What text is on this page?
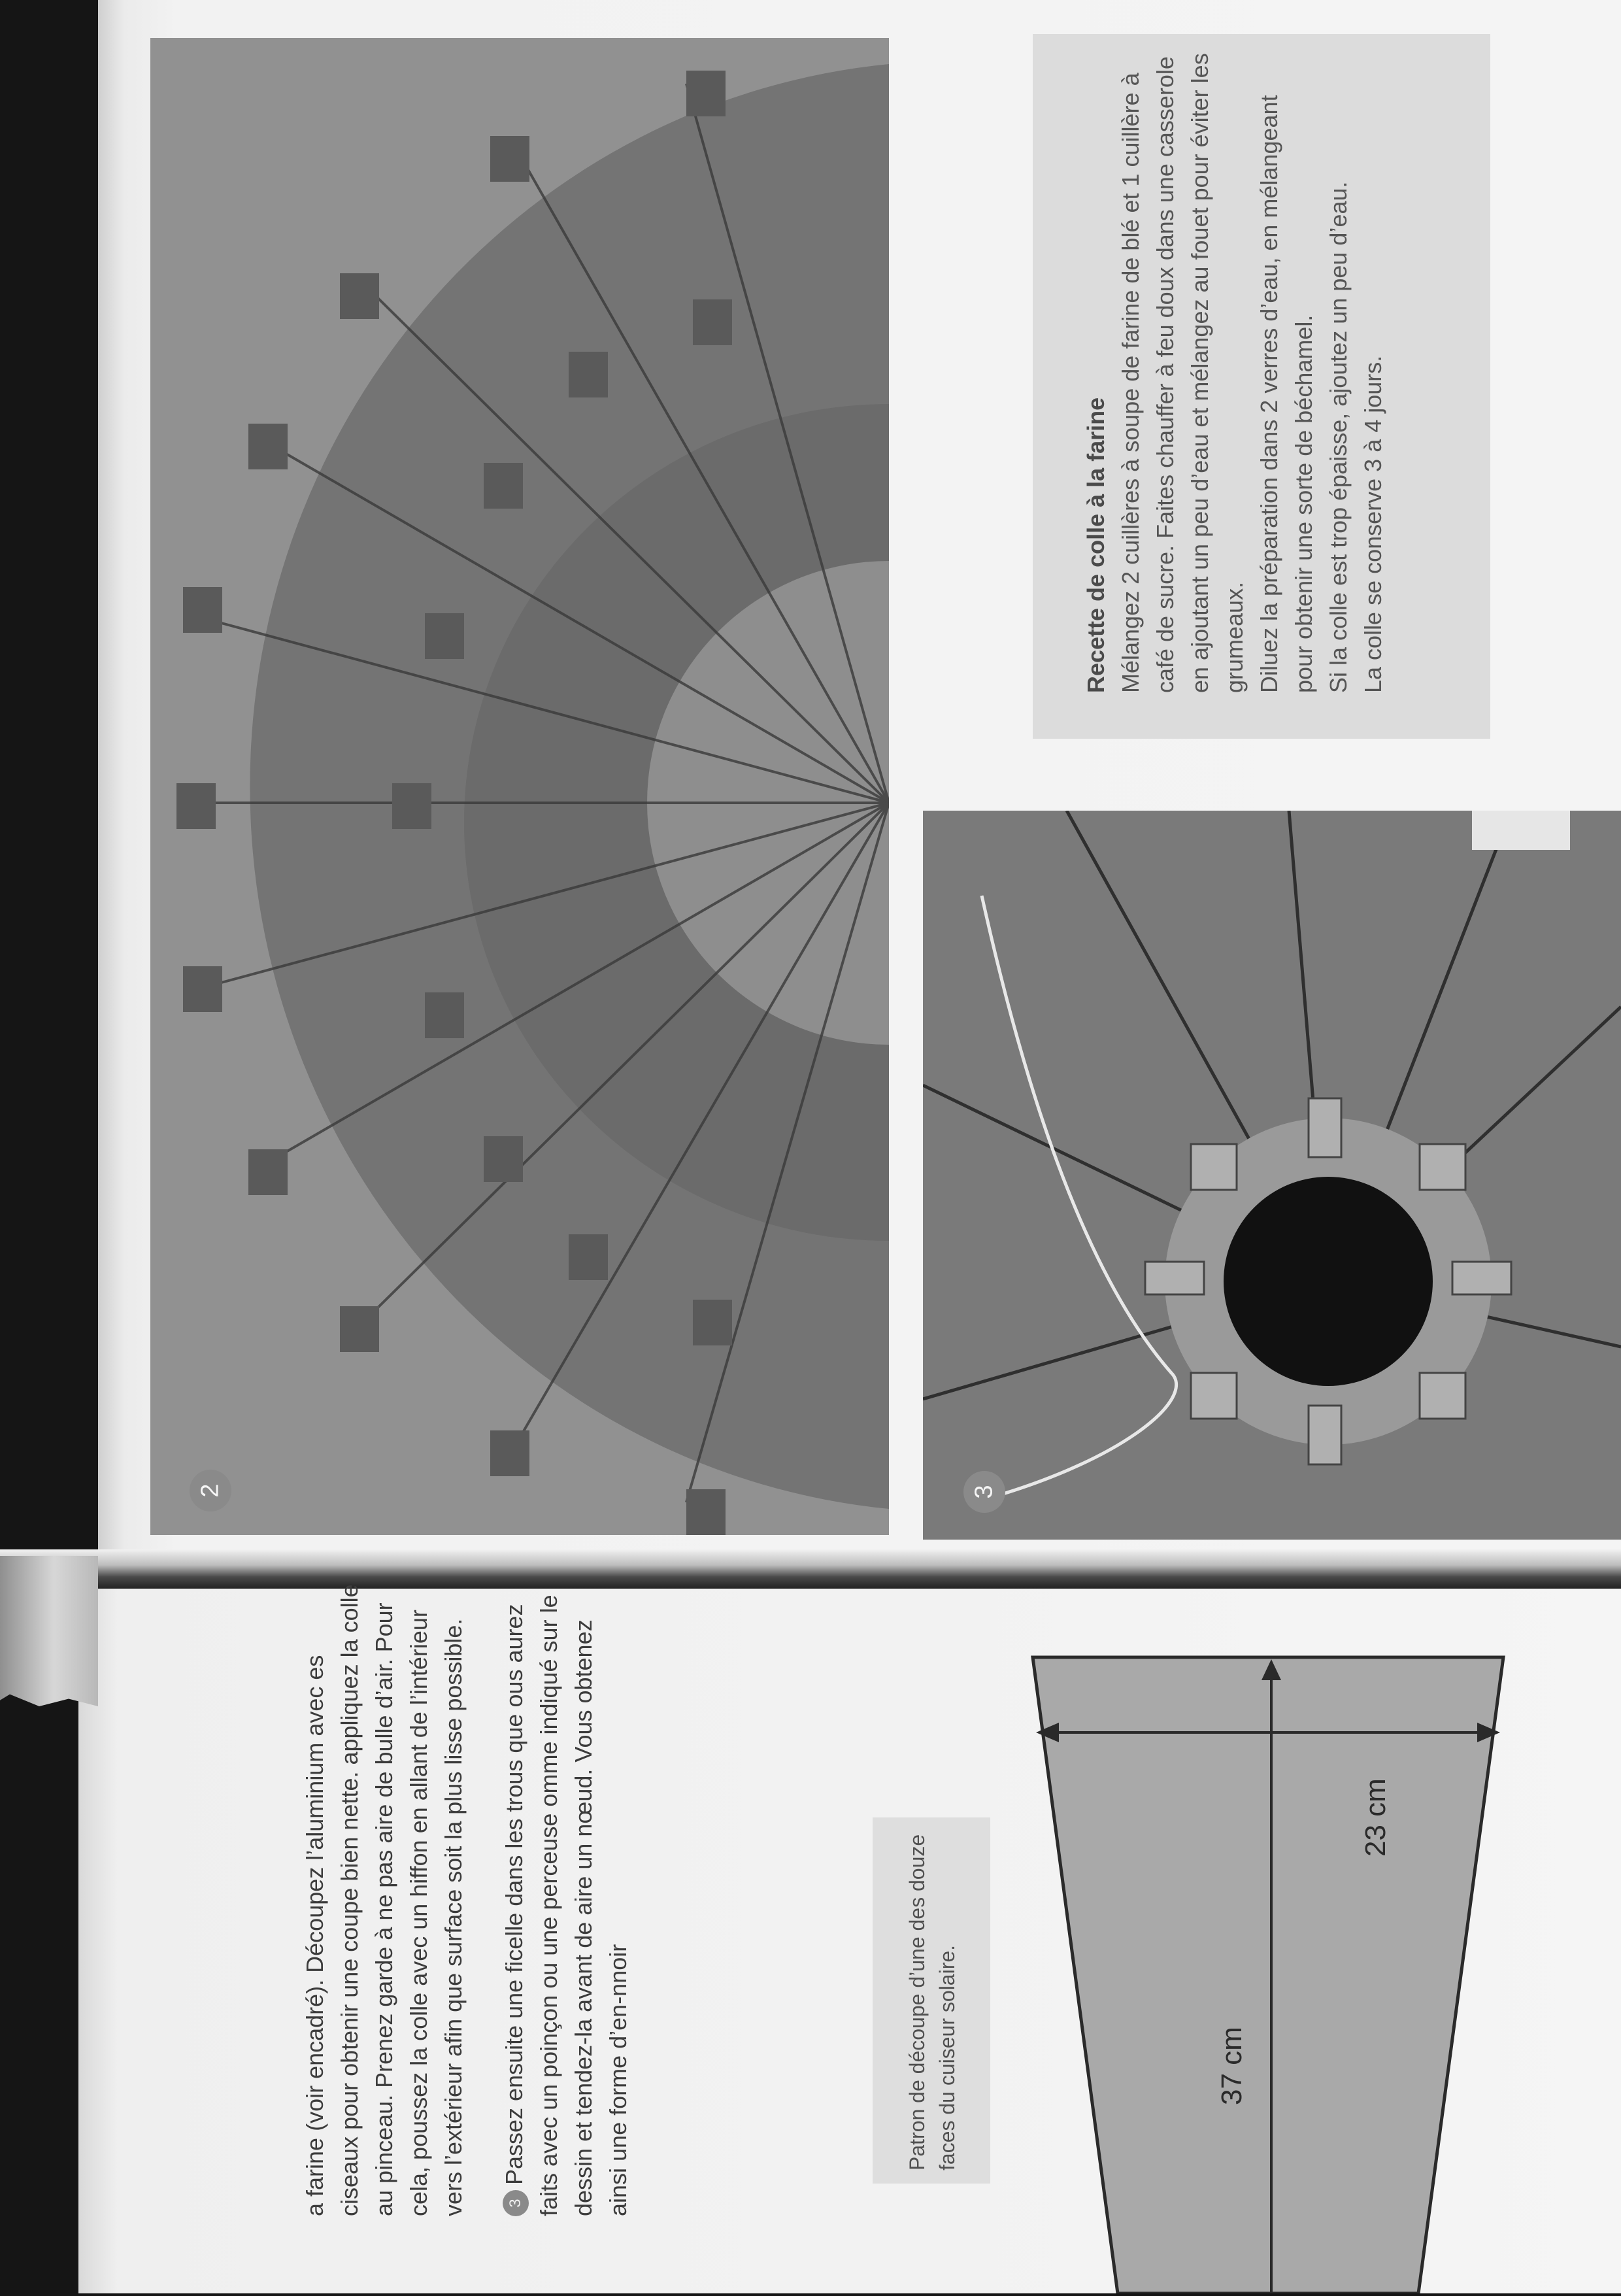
2	3

Recette de colle à la farine Mélangez 2 cuillères à soupe de farine de blé et 1 cuillère à café de sucre. Faites chauffer à feu doux dans une casserole en ajoutant un peu d’eau et mélangez au fouet pour éviter les grumeaux. Diluez la préparation dans 2 verres d’eau, en mélangeant pour obtenir une sorte de béchamel. Si la colle est trop épaisse, ajoutez un peu d’eau. La colle se conserve 3 à 4 jours.

a farine (voir encadré). Découpez l’aluminium avec es ciseaux pour obtenir une coupe bien nette. appliquez la colle au pinceau. Prenez garde à ne pas aire de bulle d’air. Pour cela, poussez la colle avec un hiffon en allant de l’intérieur vers l’extérieur afin que surface soit la plus lisse possible.	3Passez ensuite une ficelle dans les trous que ous aurez faits avec un poinçon ou une perceuse omme indiqué sur le dessin et tendez-la avant de aire un nœud. Vous obtenez ainsi une forme d’en-nnoir	Patron de découpe d’une des douze faces du cuiseur solaire.	37 cm
23 cm
